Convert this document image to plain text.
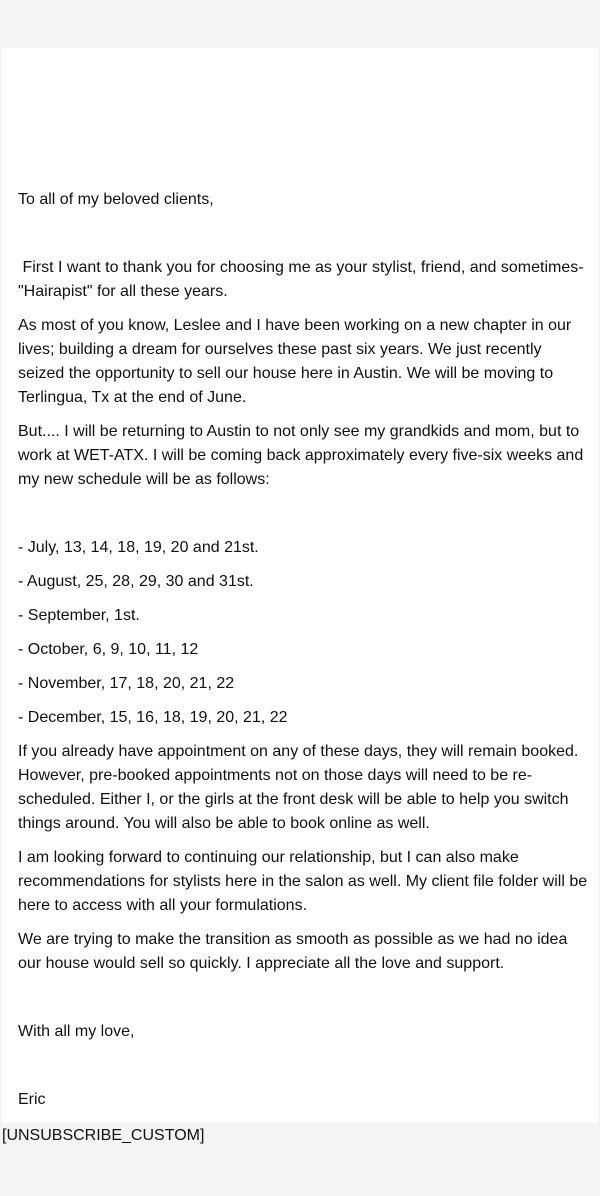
To all of my beloved clients,

First I want to thank you for choosing me as your stylist, friend, and sometimes- "Hairapist" for all these years.

As most of you know, Leslee and I have been working on a new chapter in our lives; building a dream for ourselves these past six years. We just recently seized the opportunity to sell our house here in Austin. We will be moving to Terlingua, Tx at the end of June.

But.... I will be returning to Austin to not only see my grandkids and mom, but to work at WET-ATX. I will be coming back approximately every five-six weeks and my new schedule will be as follows:

- July, 13, 14, 18, 19, 20 and 21st.

- August, 25, 28, 29, 30 and 31st.

- September, 1st.

- October, 6, 9, 10, 11, 12

- November, 17, 18, 20, 21, 22

- December, 15, 16, 18, 19, 20, 21, 22

If you already have appointment on any of these days, they will remain booked. However, pre-booked appointments not on those days will need to be re-scheduled. Either I, or the girls at the front desk will be able to help you switch things around. You will also be able to book online as well.

I am looking forward to continuing our relationship, but I can also make recommendations for stylists here in the salon as well. My client file folder will be here to access with all your formulations.

We are trying to make the transition as smooth as possible as we had no idea our house would sell so quickly. I appreciate all the love and support.

With all my love,

Eric

[UNSUBSCRIBE_CUSTOM]
